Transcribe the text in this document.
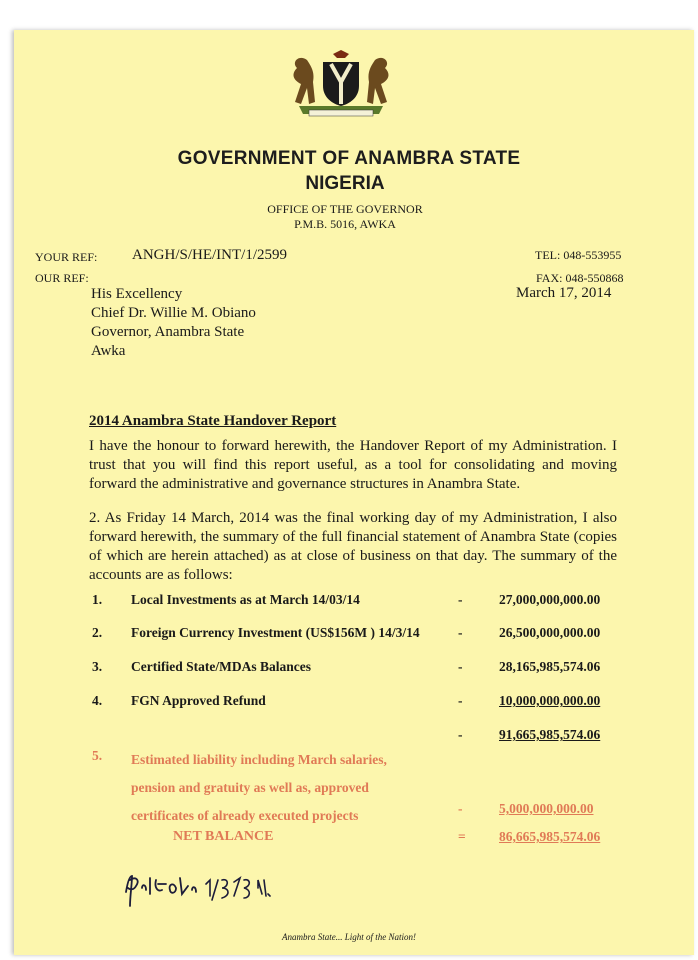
GOVERNMENT OF ANAMBRA STATE
NIGERIA
OFFICE OF THE GOVERNOR
P.M.B. 5016, AWKA
YOUR REF: ANGH/S/HE/INT/1/2599	TEL: 048-553955
OUR REF:	FAX: 048-550868
March 17, 2014
His Excellency
Chief Dr. Willie M. Obiano
Governor, Anambra State
Awka
2014 Anambra State Handover Report
I have the honour to forward herewith, the Handover Report of my Administration. I trust that you will find this report useful, as a tool for consolidating and moving forward the administrative and governance structures in Anambra State.
2. As Friday 14 March, 2014 was the final working day of my Administration, I also forward herewith, the summary of the full financial statement of Anambra State (copies of which are herein attached) as at close of business on that day. The summary of the accounts are as follows:
1. Local Investments as at March 14/03/14	-	27,000,000,000.00
2. Foreign Currency Investment (US$156M ) 14/3/14	-	26,500,000,000.00
3. Certified State/MDAs Balances	-	28,165,985,574.06
4. FGN Approved Refund	-	10,000,000,000.00
-	91,665,985,574.06
5. Estimated liability including March salaries,
pension and gratuity as well as, approved
certificates of already executed projects	-	5,000,000,000.00
NET BALANCE	= 86,665,985,574.06
Anambra State... Light of the Nation!
